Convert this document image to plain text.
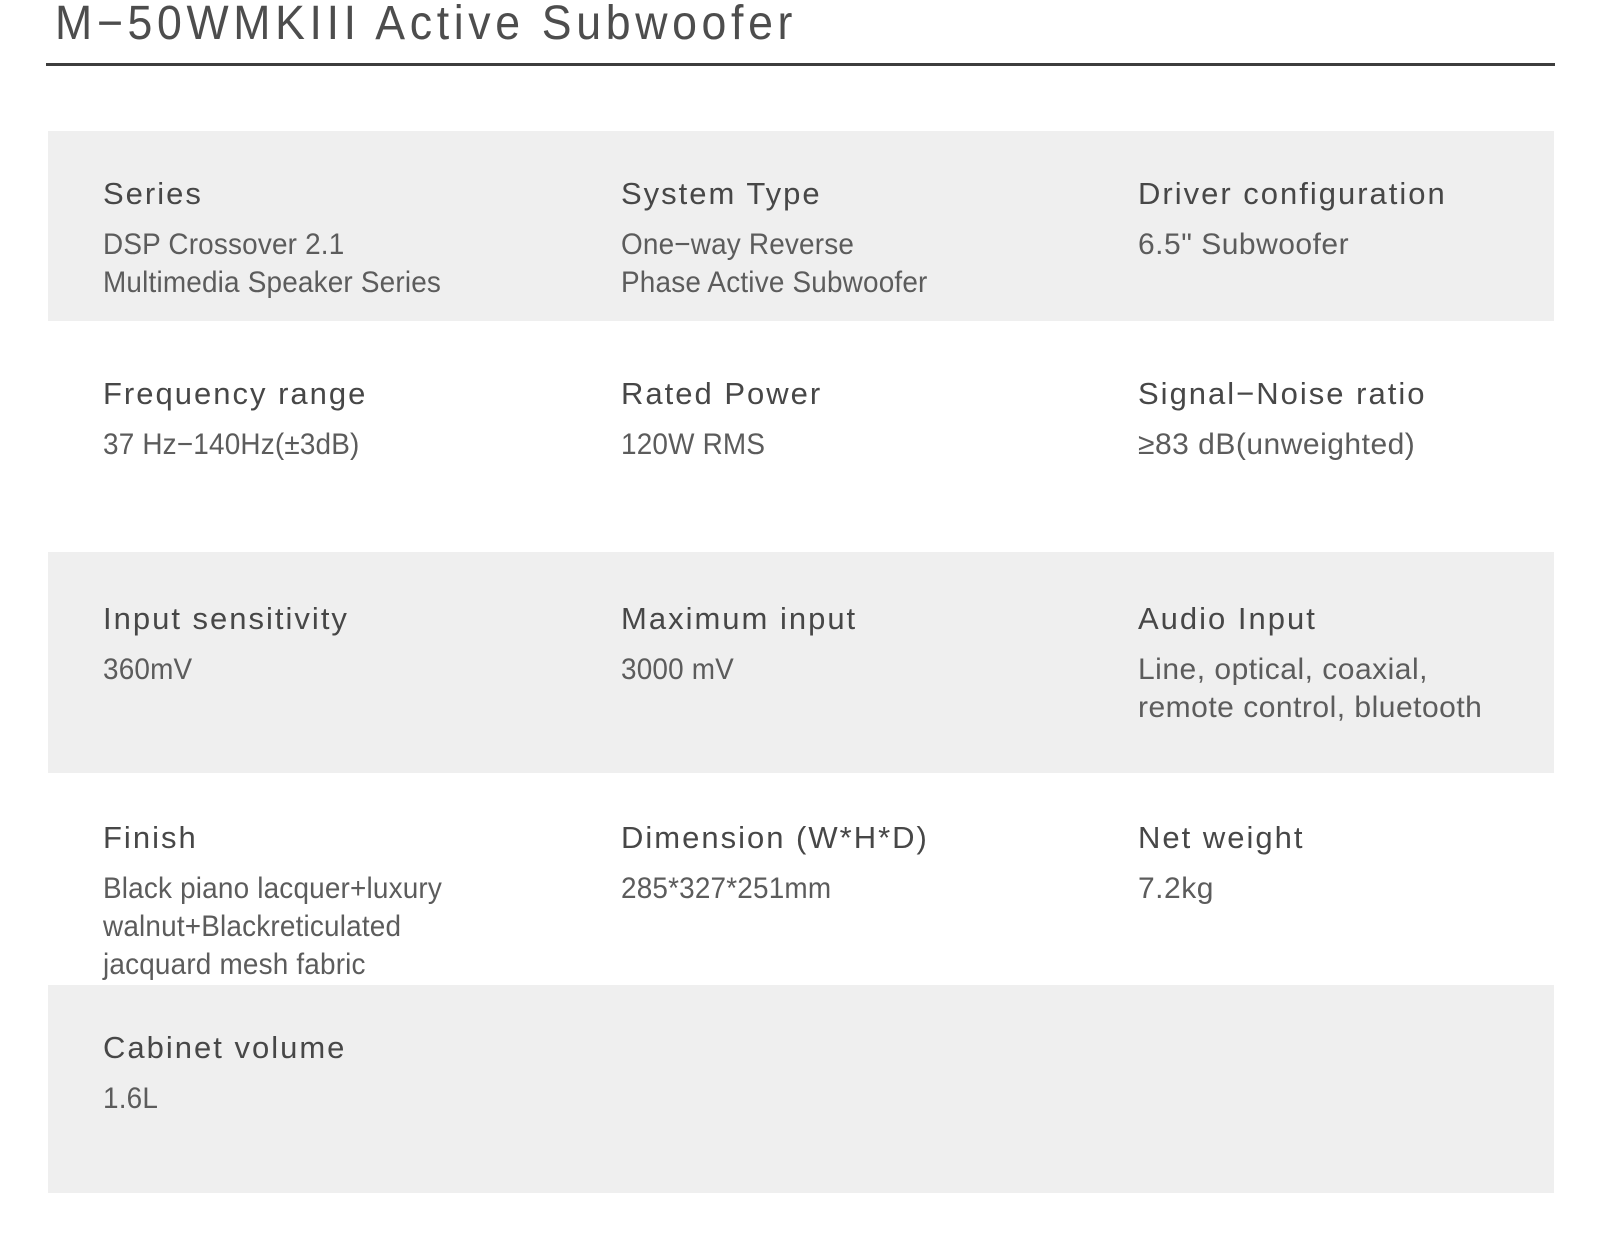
M−50WMKIII Active Subwoofer
Series
DSP Crossover 2.1
Multimedia Speaker Series
System Type
One−way Reverse
Phase Active Subwoofer
Driver configuration
6.5" Subwoofer
Frequency range
37 Hz−140Hz(±3dB)
Rated Power
120W RMS
Signal−Noise ratio
≥83 dB(unweighted)
Input sensitivity
360mV
Maximum input
3000 mV
Audio Input
Line, optical, coaxial,
remote control, bluetooth
Finish
Black piano lacquer+luxury
walnut+Blackreticulated
jacquard mesh fabric
Dimension (W*H*D)
285*327*251mm
Net weight
7.2kg
Cabinet volume
1.6L
